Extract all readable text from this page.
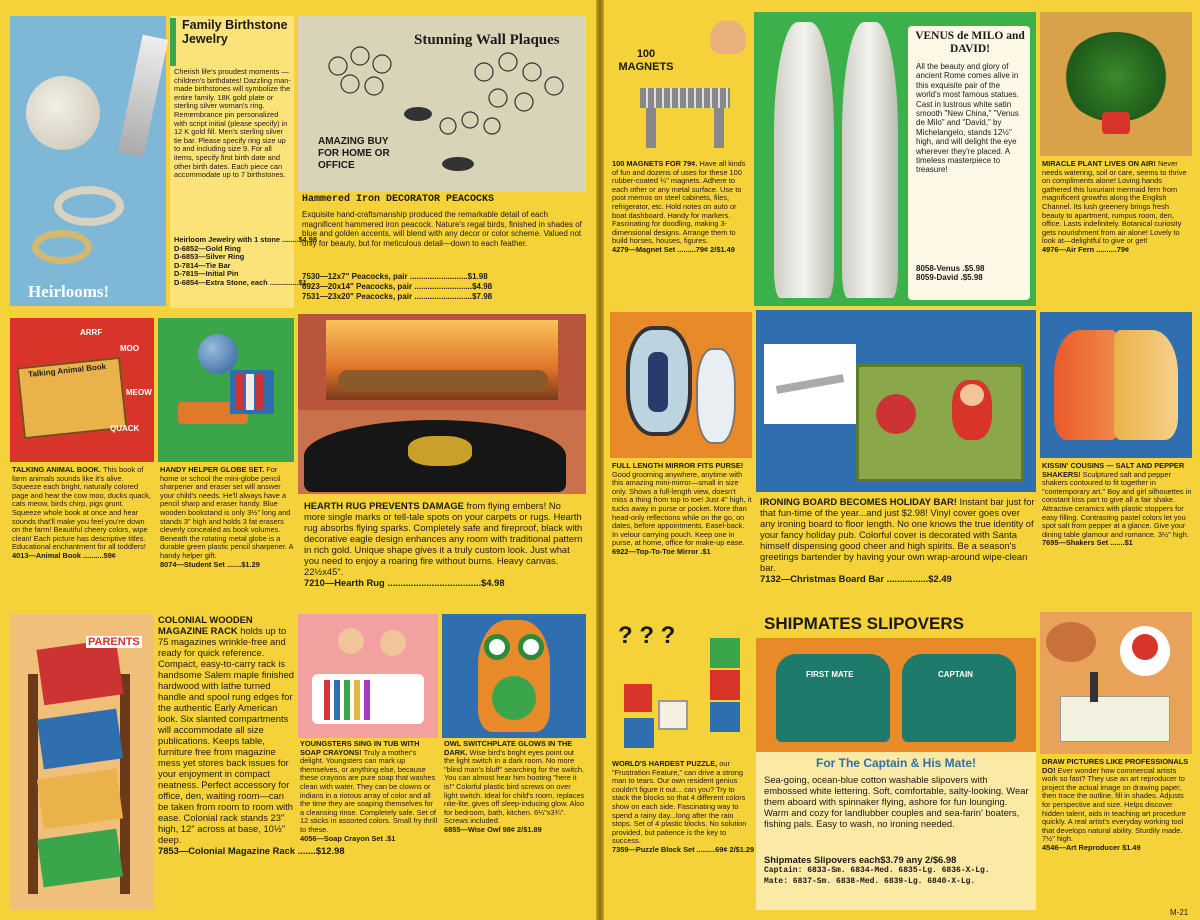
Heirlooms!
Family Birthstone Jewelry
Cherish life's proudest moments — children's birthdates! Dazzling man-made birthstones will symbolize the entire family. 18K gold plate or sterling silver woman's ring. Remembrance pin personalized with script initial (please specify) in 12 K gold fill. Men's sterling silver tie bar. Please specify ring size up to and including size 9. For all items, specify first birth date and other birth dates. Each piece can accommodate up to 7 birthstones.
Heirloom Jewelry with 1 stone ........$4.98
D-6852—Gold Ring
D-6853—Silver Ring
D-7814—Tie Bar
D-7815—Initial Pin
D-6854—Extra Stone, each ..............$1
Stunning Wall Plaques
AMAZING BUY FOR HOME OR OFFICE
Hammered Iron DECORATOR PEACOCKS
Exquisite hand-craftsmanship produced the remarkable detail of each magnificent hammered iron peacock. Nature's regal birds, finished in shades of blue and golden accents, will blend with any decor or color scheme. Valued not only for beauty, but for meticulous detail—down to each feather.
7530—12x7" Peacocks, pair ..........................$1.98
6923—20x14" Peacocks, pair ..........................$4.98
7531—23x20" Peacocks, pair ..........................$7.98
Talking Animal Book
ARRF
MOO
MEOW
QUACK
TALKING ANIMAL BOOK. This book of farm animals sounds like it's alive. Squeeze each bright, naturally colored page and hear the cow moo, ducks quack, cats meow, birds chirp, pigs grunt. Squeeze whole book at once and hear sounds that'll make you feel you're down on the farm! Beautiful cheery colors, wipe clean! Each picture has descriptive titles. Educational enchantment for all toddlers!
4013—Animal Book ..........59¢
HANDY HELPER GLOBE SET. For home or school the mini-globe pencil sharpener and eraser set will answer your child's needs. He'll always have a pencil sharp and eraser handy. Blue wooden bookstand is only 3½" long and stands 3" high and holds 3 fat erasers cleverly concealed as book volumes. Beneath the rotating metal globe is a durable green plastic pencil sharpener. A handy helper gift.
8074—Student Set .......$1.29
HEARTH RUG PREVENTS DAMAGE from flying embers! No more single marks or tell-tale spots on your carpets or rugs. Hearth rug absorbs flying sparks. Completely safe and fireproof, black with decorative eagle design enhances any room with traditional pattern in rich gold. Unique shape gives it a truly custom look. Just what you need to enjoy a roaring fire without burns. Heavy canvas. 22½x45".
7210—Hearth Rug ....................................$4.98
PARENTS
COLONIAL WOODEN MAGAZINE RACK holds up to 75 magazines wrinkle-free and ready for quick reference. Compact, easy-to-carry rack is handsome Salem maple finished hardwood with lathe turned handle and spool rung edges for the authentic Early American look. Six slanted compartments will accommodate all size publications. Keeps table, furniture free from magazine mess yet stores back issues for your enjoyment in compact neatness. Perfect accessory for office, den, waiting room—can be taken from room to room with ease. Colonial rack stands 23" high, 12" across at base, 10½" deep.
7853—Colonial Magazine Rack .......$12.98
YOUNGSTERS SING IN TUB WITH SOAP CRAYONS! Truly a mother's delight. Youngsters can mark up themselves, or anything else, because these crayons are pure soap that washes clean with water. They can be clowns or indians in a riotous array of color and all the time they are soaping themselves for a cleansing rinse. Completely safe. Set of 12 sticks in assorted colors. Small fry thrill to these.
4056—Soap Crayon Set .$1
OWL SWITCHPLATE GLOWS IN THE DARK. Wise bird's bright eyes point out the light switch in a dark room. No more "blind man's bluff" searching for the switch. You can almost hear him hooting "here it is!" Colorful plastic bird screws on over light switch. Ideal for child's room, replaces nite-lite, gives off sleep-inducing glow. Also for bedroom, bath, kitchen. 6¼"x3¾". Screws included.
6855—Wise Owl 98¢ 2/$1.89
100 MAGNETS
100 MAGNETS FOR 79¢. Have all kinds of fun and dozens of uses for these 100 rubber-coated ¼" magnets. Adhere to each other or any metal surface. Use to post memos on steel cabinets, files, refrigerator, etc. Hold notes on auto or boat dashboard. Handy for markers. Fascinating for doodling, making 3-dimensional designs. Arrange them to build horses, houses, figures.
4279—Magnet Set .........79¢ 2/$1.49
VENUS de MILO and DAVID!
All the beauty and glory of ancient Rome comes alive in this exquisite pair of the world's most famous statues. Cast in lustrous white satin smooth "New China," "Venus de Milo" and "David," by Michelangelo, stands 12½" high, and will delight the eye wherever they're placed. A timeless masterpiece to treasure!
8058-Venus .$5.98
8059-David .$5.98
MIRACLE PLANT LIVES ON AIR! Never needs watering, soil or care, seems to thrive on compliments alone! Loving hands gathered this luxuriant mermaid fern from magnificent growths along the English Channel. Its lush greenery brings fresh beauty to apartment, rumpus room, den, office. Lasts indefinitely. Botanical curiosity gets nourishment from air alone! Lovely to look at—delightful to give or get!
4976—Air Fern ..........79¢
FULL LENGTH MIRROR FITS PURSE! Good grooming anywhere, anytime with this amazing mini-mirror—small in size only. Shows a full-length view, doesn't miss a thing from top to toe! Just 4" high, it tucks away in purse or pocket. More than head-only reflections while on the go, on dates, before appointments. Easel-back. In velour carrying pouch. Keep one in purse, at home, office for make-up ease.
6922—Top-To-Toe Mirror .$1
IRONING BOARD BECOMES HOLIDAY BAR! Instant bar just for that fun-time of the year...and just $2.98! Vinyl cover goes over any ironing board to floor length. No one knows the true identity of your fancy holiday pub. Colorful cover is decorated with Santa himself dispensing good cheer and high spirits. Be a season's greetings bartender by having your own wrap-around wipe-clean bar.
7132—Christmas Board Bar ................$2.49
KISSIN' COUSINS — SALT AND PEPPER SHAKERS! Sculptured salt and pepper shakers contoured to fit together in "contemporary art." Boy and girl silhouettes in constant kiss part to give all a fair shake. Attractive ceramics with plastic stoppers for easy filling. Contrasting pastel colors let you spot salt from pepper at a glance. Give your dining table glamour and romance. 3½" high.
7695—Shakers Set .......$1
? ? ?
WORLD'S HARDEST PUZZLE, our "Frustration Feature," can drive a strong man to tears. Our own resident genius couldn't figure it out... can you? Try to stack the blocks so that 4 different colors show on each side. Fascinating way to spend a rainy day...long after the rain stops. Set of 4 plastic blocks. No solution provided, but patience is the key to success.
7359—Puzzle Block Set .........69¢ 2/$1.29
SHIPMATES SLIPOVERS
FIRST MATE	CAPTAIN
For The Captain & His Mate!
Sea-going, ocean-blue cotton washable slipovers with embossed white lettering. Soft, comfortable, salty-looking. Wear them aboard with spinnaker flying, ashore for fun lounging. Warm and cozy for landlubber couples and sea-farin' boaters, fishing pals. Easy to wash, no ironing needed.
Shipmates Slipovers each$3.79 any 2/$6.98
Captain: 6833-Sm. 6834-Med. 6835-Lg. 6836-X-Lg.
Mate: 6837-Sm. 6838-Med. 6839-Lg. 6840-X-Lg.
DRAW PICTURES LIKE PROFESSIONALS DO! Ever wonder how commercial artists work so fast? They use an art reproducer to project the actual image on drawing paper, then trace the outline, fill in shades. Adjusts for perspective and size. Helps discover hidden talent, aids in teaching art procedure quickly. A real artist's everyday working tool that develops natural ability. Sturdily made. 7½" high.
4546—Art Reproducer $1.49
M-21
